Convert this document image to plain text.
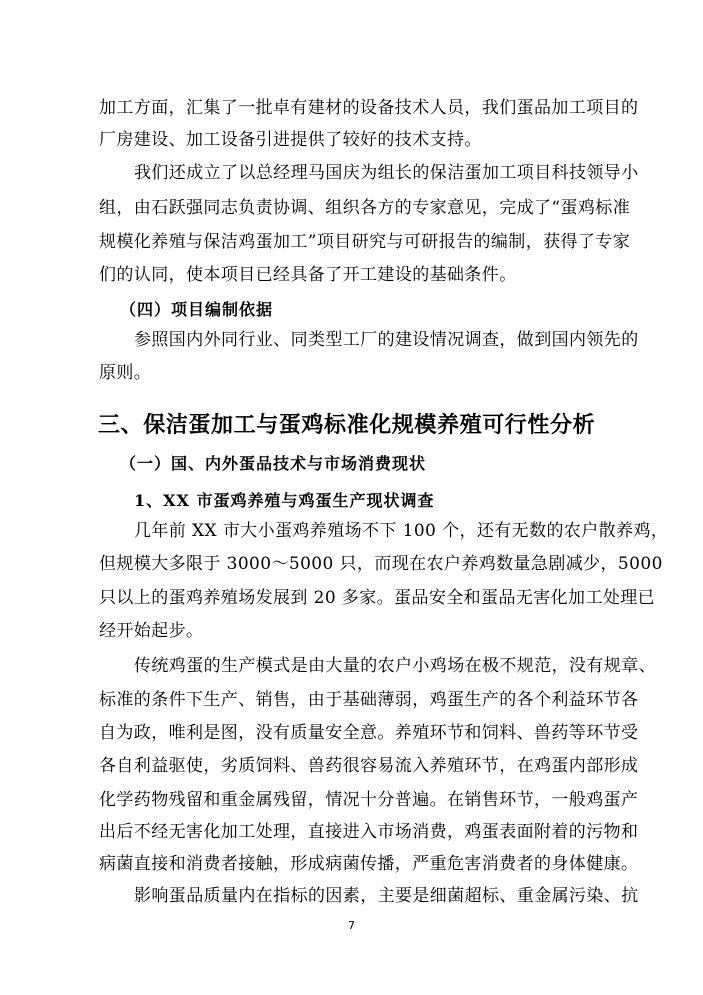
加工方面，汇集了一批卓有建材的设备技术人员，我们蛋品加工项目的
厂房建设、加工设备引进提供了较好的技术支持。
我们还成立了以总经理马国庆为组长的保洁蛋加工项目科技领导小
组，由石跃强同志负责协调、组织各方的专家意见，完成了“蛋鸡标准
规模化养殖与保洁鸡蛋加工”项目研究与可研报告的编制，获得了专家
们的认同，使本项目已经具备了开工建设的基础条件。
（四）项目编制依据
参照国内外同行业、同类型工厂的建设情况调查，做到国内领先的
原则。
三、保洁蛋加工与蛋鸡标准化规模养殖可行性分析
（一）国、内外蛋品技术与市场消费现状
1、XX 市蛋鸡养殖与鸡蛋生产现状调查
几年前 XX 市大小蛋鸡养殖场不下 100 个，还有无数的农户散养鸡，
但规模大多限于 3000～5000 只，而现在农户养鸡数量急剧减少，5000
只以上的蛋鸡养殖场发展到 20 多家。蛋品安全和蛋品无害化加工处理已
经开始起步。
传统鸡蛋的生产模式是由大量的农户小鸡场在极不规范，没有规章、
标准的条件下生产、销售，由于基础薄弱，鸡蛋生产的各个利益环节各
自为政，唯利是图，没有质量安全意。养殖环节和饲料、兽药等环节受
各自利益驱使，劣质饲料、兽药很容易流入养殖环节，在鸡蛋内部形成
化学药物残留和重金属残留，情况十分普遍。在销售环节，一般鸡蛋产
出后不经无害化加工处理，直接进入市场消费，鸡蛋表面附着的污物和
病菌直接和消费者接触，形成病菌传播，严重危害消费者的身体健康。
影响蛋品质量内在指标的因素，主要是细菌超标、重金属污染、抗
7
